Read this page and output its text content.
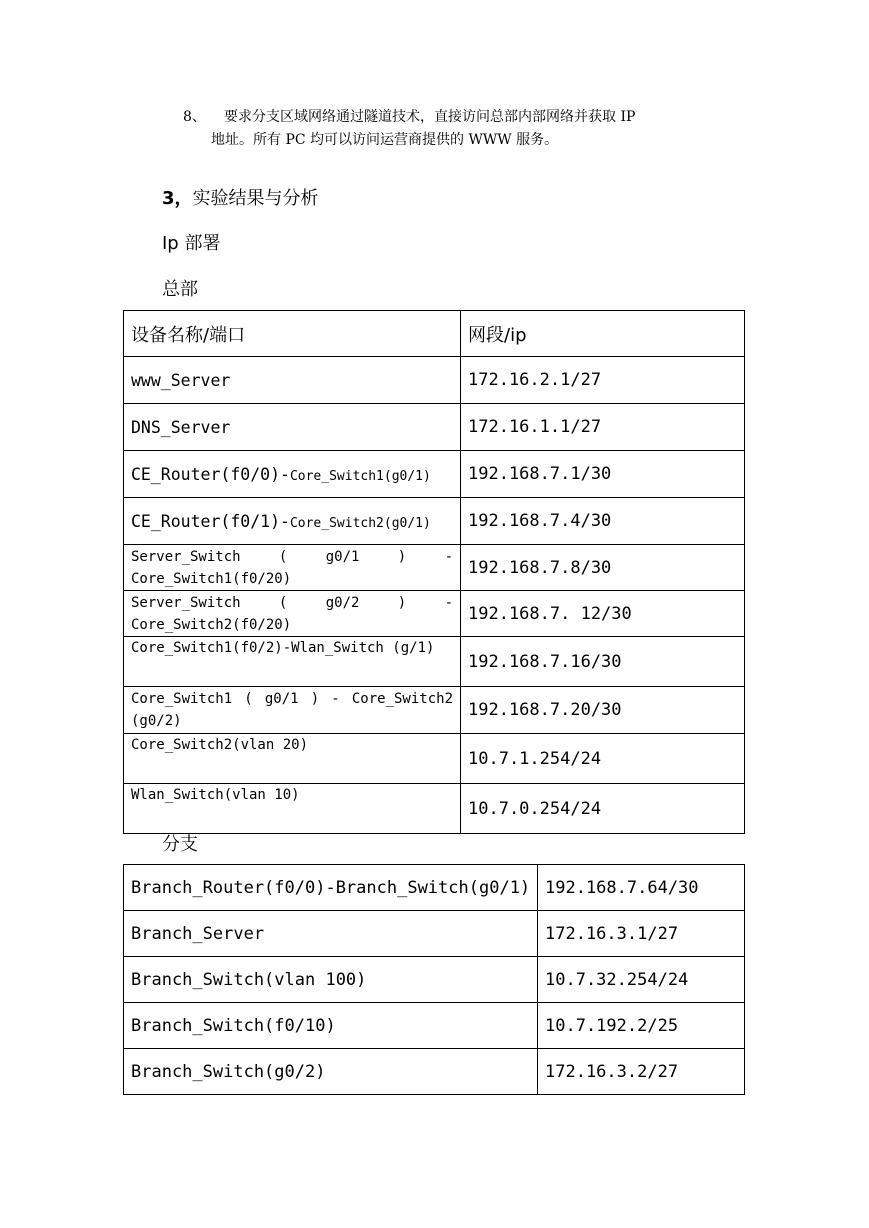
8、 要求分支区域网络通过隧道技术，直接访问总部内部网络并获取 IP
地址。所有 PC 均可以访问运营商提供的 WWW 服务。
3，实验结果与分析
Ip 部署
总部
设备名称/端口	网段/ip
www_Server	172.16.2.1/27
DNS_Server	172.16.1.1/27
CE_Router(f0/0)-Core_Switch1(g0/1)	192.168.7.1/30
CE_Router(f0/1)-Core_Switch2(g0/1)	192.168.7.4/30
Server_Switch ( g0/1 ) - Core_Switch1(f0/20)	192.168.7.8/30
Server_Switch ( g0/2 ) -Core_Switch2(f0/20)	192.168.7. 12/30
Core_Switch1(f0/2)-Wlan_Switch (g/1)	192.168.7.16/30
Core_Switch1 ( g0/1 ) - Core_Switch2 (g0/2)	192.168.7.20/30
Core_Switch2(vlan 20)	10.7.1.254/24
Wlan_Switch(vlan 10)	10.7.0.254/24
分支
Branch_Router(f0/0)-Branch_Switch(g0/1)	192.168.7.64/30
Branch_Server	172.16.3.1/27
Branch_Switch(vlan 100)	10.7.32.254/24
Branch_Switch(f0/10)	10.7.192.2/25
Branch_Switch(g0/2)	172.16.3.2/27
